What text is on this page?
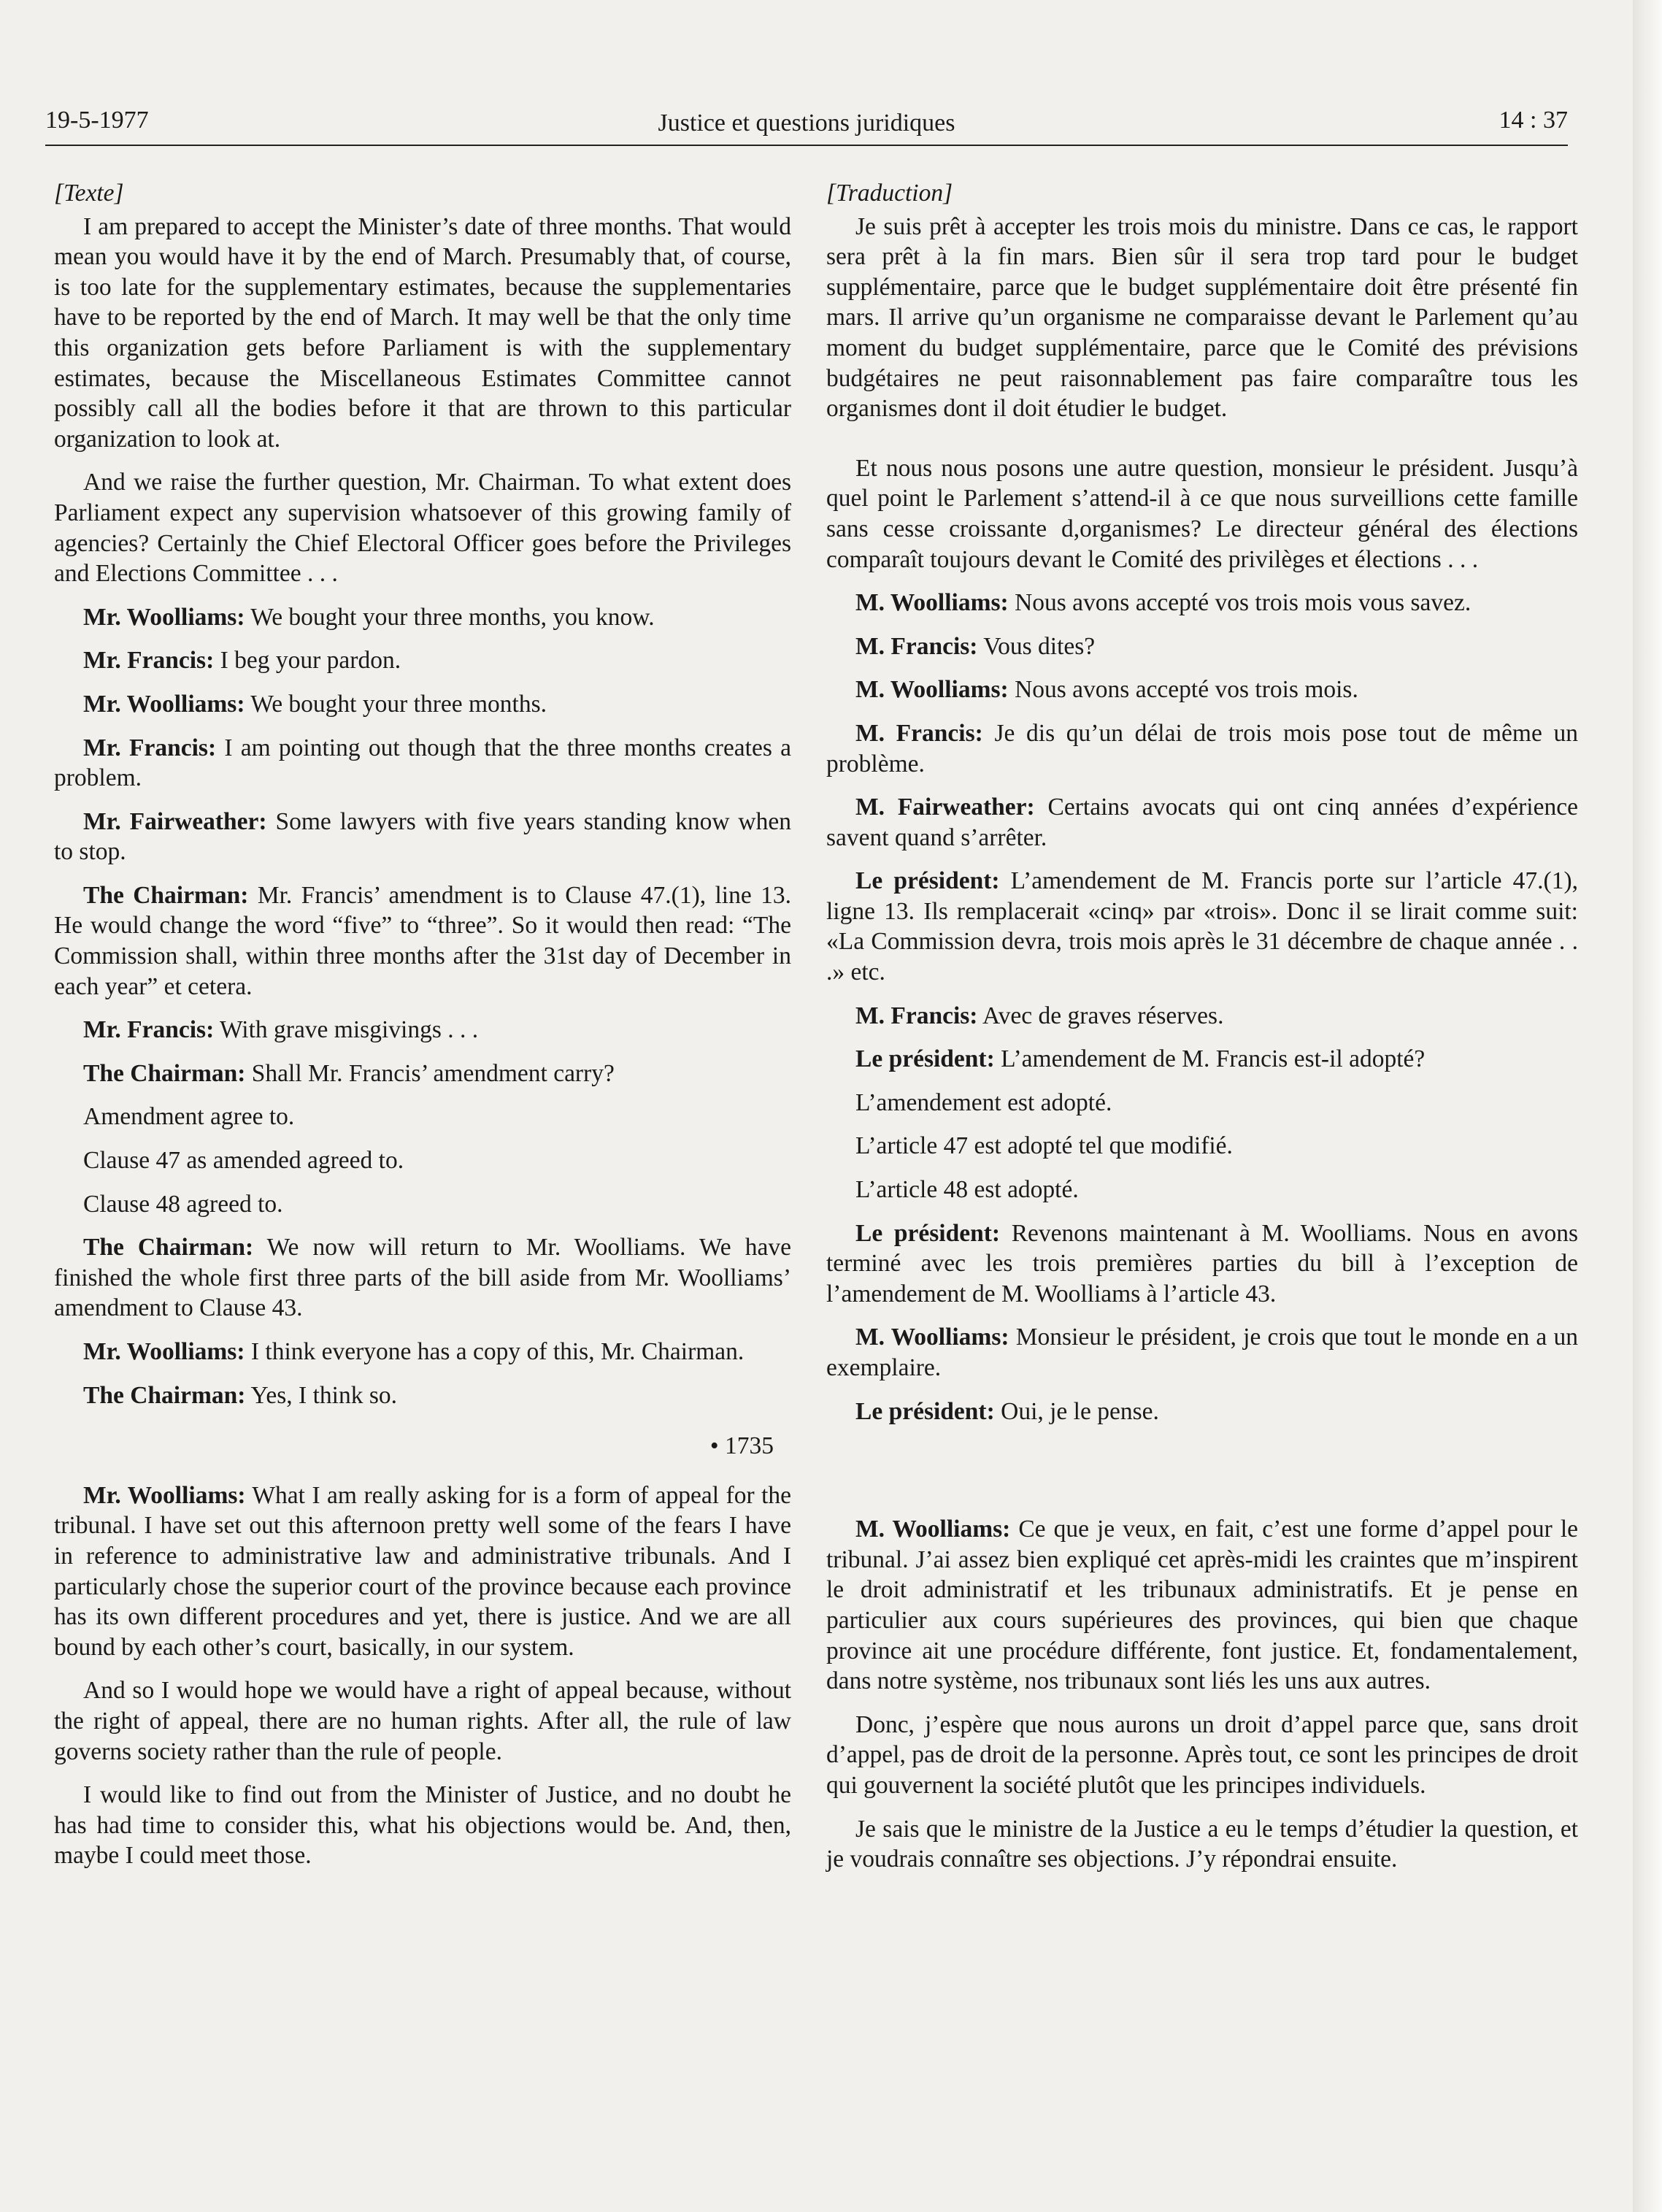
19-5-1977	Justice et questions juridiques	14 : 37
[Texte]

I am prepared to accept the Minister’s date of three months. That would mean you would have it by the end of March. Presumably that, of course, is too late for the supplementary estimates, because the supplementaries have to be reported by the end of March. It may well be that the only time this organization gets before Parliament is with the supplementary estimates, because the Miscellaneous Estimates Committee cannot possibly call all the bodies before it that are thrown to this particular organization to look at.

And we raise the further question, Mr. Chairman. To what extent does Parliament expect any supervision whatsoever of this growing family of agencies? Certainly the Chief Electoral Officer goes before the Privileges and Elections Committee . . .

Mr. Woolliams: We bought your three months, you know.

Mr. Francis: I beg your pardon.

Mr. Woolliams: We bought your three months.

Mr. Francis: I am pointing out though that the three months creates a problem.

Mr. Fairweather: Some lawyers with five years standing know when to stop.

The Chairman: Mr. Francis’ amendment is to Clause 47.(1), line 13. He would change the word “five” to “three”. So it would then read: “The Commission shall, within three months after the 31st day of December in each year” et cetera.

Mr. Francis: With grave misgivings . . .

The Chairman: Shall Mr. Francis’ amendment carry?

Amendment agree to.

Clause 47 as amended agreed to.

Clause 48 agreed to.

The Chairman: We now will return to Mr. Woolliams. We have finished the whole first three parts of the bill aside from Mr. Woolliams’ amendment to Clause 43.

Mr. Woolliams: I think everyone has a copy of this, Mr. Chairman.

The Chairman: Yes, I think so.

• 1735

Mr. Woolliams: What I am really asking for is a form of appeal for the tribunal. I have set out this afternoon pretty well some of the fears I have in reference to administrative law and administrative tribunals. And I particularly chose the superior court of the province because each province has its own different procedures and yet, there is justice. And we are all bound by each other’s court, basically, in our system.

And so I would hope we would have a right of appeal because, without the right of appeal, there are no human rights. After all, the rule of law governs society rather than the rule of people.

I would like to find out from the Minister of Justice, and no doubt he has had time to consider this, what his objections would be. And, then, maybe I could meet those.

[Traduction]

Je suis prêt à accepter les trois mois du ministre. Dans ce cas, le rapport sera prêt à la fin mars. Bien sûr il sera trop tard pour le budget supplémentaire, parce que le budget supplémentaire doit être présenté fin mars. Il arrive qu’un organisme ne comparaisse devant le Parlement qu’au moment du budget supplémentaire, parce que le Comité des prévisions budgétaires ne peut raisonnablement pas faire comparaître tous les organismes dont il doit étudier le budget.

Et nous nous posons une autre question, monsieur le président. Jusqu’à quel point le Parlement s’attend-il à ce que nous surveillions cette famille sans cesse croissante d,organismes? Le directeur général des élections comparaît toujours devant le Comité des privilèges et élections . . .

M. Woolliams: Nous avons accepté vos trois mois vous savez.

M. Francis: Vous dites?

M. Woolliams: Nous avons accepté vos trois mois.

M. Francis: Je dis qu’un délai de trois mois pose tout de même un problème.

M. Fairweather: Certains avocats qui ont cinq années d’expérience savent quand s’arrêter.

Le président: L’amendement de M. Francis porte sur l’article 47.(1), ligne 13. Ils remplacerait «cinq» par «trois». Donc il se lirait comme suit: «La Commission devra, trois mois après le 31 décembre de chaque année . . .» etc.

M. Francis: Avec de graves réserves.

Le président: L’amendement de M. Francis est-il adopté?

L’amendement est adopté.

L’article 47 est adopté tel que modifié.

L’article 48 est adopté.

Le président: Revenons maintenant à M. Woolliams. Nous en avons terminé avec les trois premières parties du bill à l’exception de l’amendement de M. Woolliams à l’article 43.

M. Woolliams: Monsieur le président, je crois que tout le monde en a un exemplaire.

Le président: Oui, je le pense.

M. Woolliams: Ce que je veux, en fait, c’est une forme d’appel pour le tribunal. J’ai assez bien expliqué cet après-midi les craintes que m’inspirent le droit administratif et les tribunaux administratifs. Et je pense en particulier aux cours supérieures des provinces, qui bien que chaque province ait une procédure différente, font justice. Et, fondamentalement, dans notre système, nos tribunaux sont liés les uns aux autres.

Donc, j’espère que nous aurons un droit d’appel parce que, sans droit d’appel, pas de droit de la personne. Après tout, ce sont les principes de droit qui gouvernent la société plutôt que les principes individuels.

Je sais que le ministre de la Justice a eu le temps d’étudier la question, et je voudrais connaître ses objections. J’y répondrai ensuite.
